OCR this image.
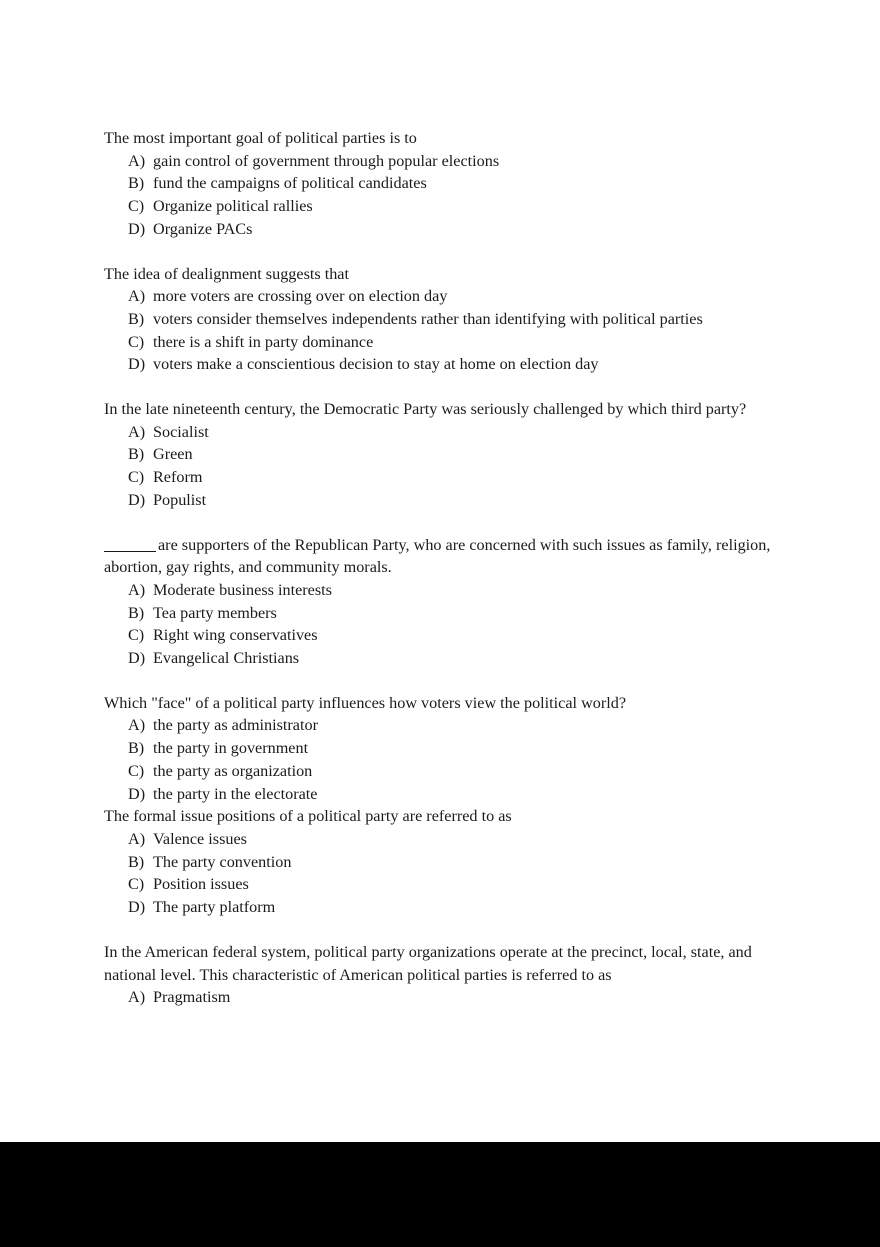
The most important goal of political parties is to

A) gain control of government through popular elections
B) fund the campaigns of political candidates
C) Organize political rallies
D) Organize PACs

The idea of dealignment suggests that

A) more voters are crossing over on election day
B) voters consider themselves independents rather than identifying with political parties
C) there is a shift in party dominance
D) voters make a conscientious decision to stay at home on election day

In the late nineteenth century, the Democratic Party was seriously challenged by which third party?

A) Socialist
B) Green
C) Reform
D) Populist

are supporters of the Republican Party, who are concerned with such issues as family, religion, abortion, gay rights, and community morals.

A) Moderate business interests
B) Tea party members
C) Right wing conservatives
D) Evangelical Christians

Which "face" of a political party influences how voters view the political world?

A) the party as administrator
B) the party in government
C) the party as organization
D) the party in the electorate

The formal issue positions of a political party are referred to as

A) Valence issues
B) The party convention
C) Position issues
D) The party platform

In the American federal system, political party organizations operate at the precinct, local, state, and national level. This characteristic of American political parties is referred to as

A) Pragmatism
